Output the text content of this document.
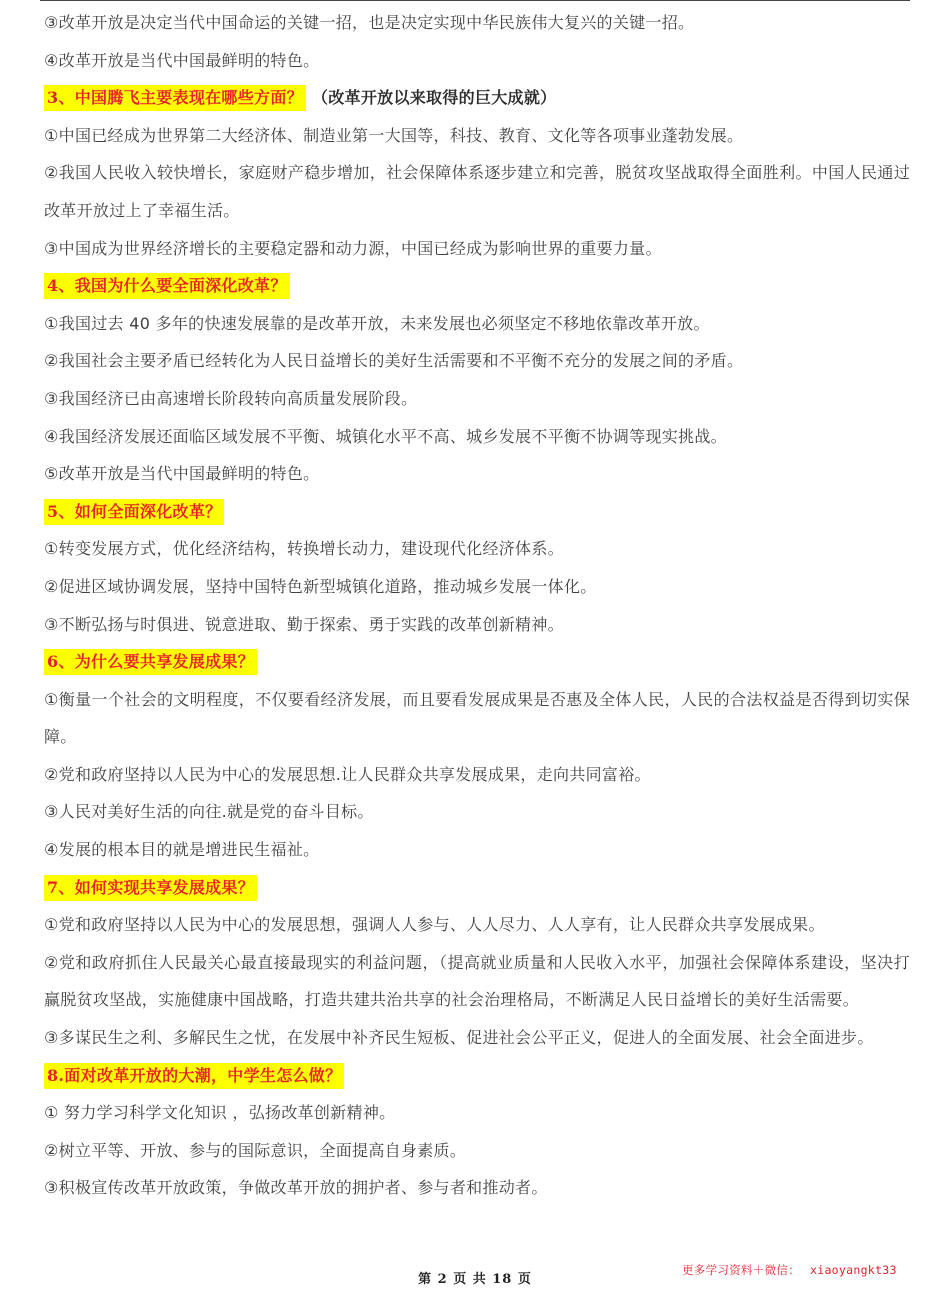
③改革开放是决定当代中国命运的关键一招，也是决定实现中华民族伟大复兴的关键一招。

④改革开放是当代中国最鲜明的特色。

3、中国腾飞主要表现在哪些方面？ （改革开放以来取得的巨大成就）

①中国已经成为世界第二大经济体、制造业第一大国等，科技、教育、文化等各项事业蓬勃发展。

②我国人民收入较快增长，家庭财产稳步增加，社会保障体系逐步建立和完善，脱贫攻坚战取得全面胜利。中国人民通过改革开放过上了幸福生活。

③中国成为世界经济增长的主要稳定器和动力源，中国已经成为影响世界的重要力量。

4、我国为什么要全面深化改革？

①我国过去 40 多年的快速发展靠的是改革开放，未来发展也必须坚定不移地依靠改革开放。

②我国社会主要矛盾已经转化为人民日益增长的美好生活需要和不平衡不充分的发展之间的矛盾。

③我国经济已由高速增长阶段转向高质量发展阶段。

④我国经济发展还面临区域发展不平衡、城镇化水平不高、城乡发展不平衡不协调等现实挑战。

⑤改革开放是当代中国最鲜明的特色。

5、如何全面深化改革？

①转变发展方式，优化经济结构，转换增长动力，建设现代化经济体系。

②促进区域协调发展，坚持中国特色新型城镇化道路，推动城乡发展一体化。

③不断弘扬与时俱进、锐意进取、勤于探索、勇于实践的改革创新精神。

6、为什么要共享发展成果？

①衡量一个社会的文明程度，不仅要看经济发展，而且要看发展成果是否惠及全体人民，人民的合法权益是否得到切实保障。

②党和政府坚持以人民为中心的发展思想.让人民群众共享发展成果，走向共同富裕。

③人民对美好生活的向往.就是党的奋斗目标。

④发展的根本目的就是增进民生福祉。

7、如何实现共享发展成果？

①党和政府坚持以人民为中心的发展思想，强调人人参与、人人尽力、人人享有，让人民群众共享发展成果。

②党和政府抓住人民最关心最直接最现实的利益问题，（提高就业质量和人民收入水平，加强社会保障体系建设，坚决打赢脱贫攻坚战，实施健康中国战略，打造共建共治共享的社会治理格局，不断满足人民日益增长的美好生活需要。

③多谋民生之利、多解民生之忧，在发展中补齐民生短板、促进社会公平正义，促进人的全面发展、社会全面进步。

8.面对改革开放的大潮，中学生怎么做？

① 努力学习科学文化知识 ，弘扬改革创新精神。

②树立平等、开放、参与的国际意识，全面提高自身素质。

③积极宣传改革开放政策，争做改革开放的拥护者、参与者和推动者。

更多学习资料＋微信： xiaoyangkt33
第 2 页 共 18 页
